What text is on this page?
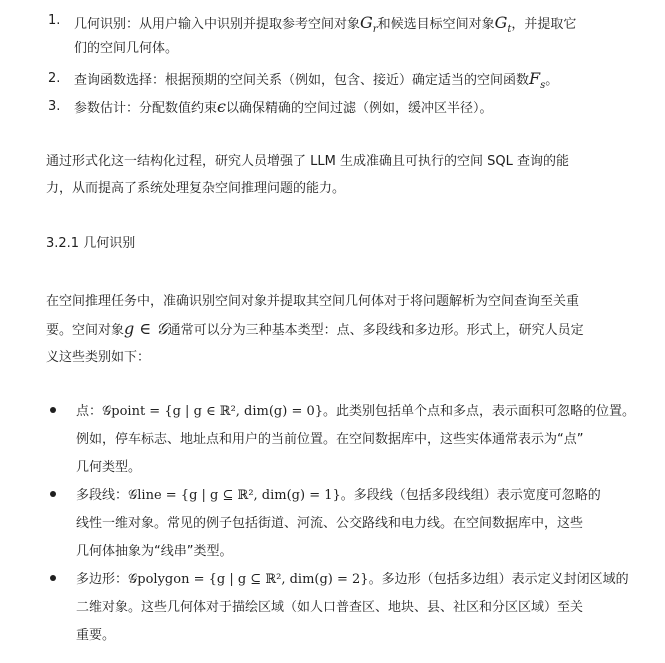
1.	几何识别：从用户输入中识别并提取参考空间对象$G_r$和候选目标空间对象$G_t$，并提取它
们的空间几何体。
2.	查询函数选择：根据预期的空间关系（例如，包含、接近）确定适当的空间函数$F_s$。
3.	参数估计：分配数值约束ϵ以确保精确的空间过滤（例如，缓冲区半径）。
通过形式化这一结构化过程，研究人员增强了 LLM 生成准确且可执行的空间 SQL 查询的能
力，从而提高了系统处理复杂空间推理问题的能力。
3.2.1 几何识别
在空间推理任务中，准确识别空间对象并提取其空间几何体对于将问题解析为空间查询至关重
要。空间对象g ∈ 𝒢通常可以分为三种基本类型：点、多段线和多边形。形式上，研究人员定
义这些类别如下：
点：𝒢point = {g | g ∈ ℝ², dim(g) = 0}。此类别包括单个点和多点，表示面积可忽略的位置。
例如，停车标志、地址点和用户的当前位置。在空间数据库中，这些实体通常表示为“点”
几何类型。
多段线：𝒢line = {g | g ⊆ ℝ², dim(g) = 1}。多段线（包括多段线组）表示宽度可忽略的
线性一维对象。常见的例子包括街道、河流、公交路线和电力线。在空间数据库中，这些
几何体抽象为“线串”类型。
多边形：𝒢polygon = {g | g ⊆ ℝ², dim(g) = 2}。多边形（包括多边组）表示定义封闭区域的
二维对象。这些几何体对于描绘区域（如人口普查区、地块、县、社区和分区区域）至关
重要。
